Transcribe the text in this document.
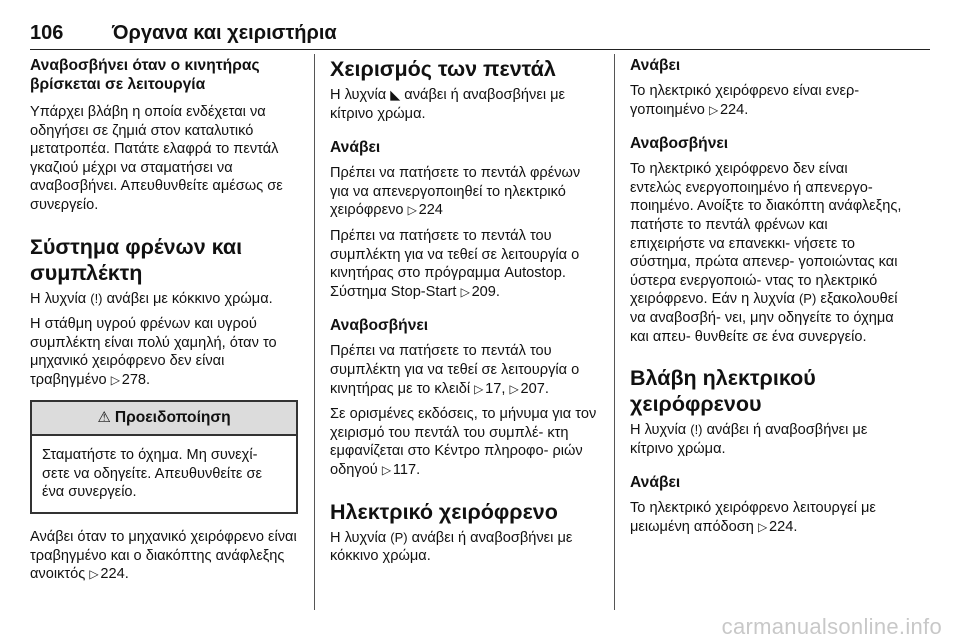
106 Όργανα και χειριστήρια
Αναβοσβήνει όταν ο κινητήρας βρίσκεται σε λειτουργία

Υπάρχει βλάβη η οποία ενδέχεται να οδηγήσει σε ζημιά στον καταλυτικό μετατροπέα. Πατάτε ελαφρά το πεντάλ γκαζιού μέχρι να σταματήσει να αναβοσβήνει. Απευθυνθείτε αμέσως σε συνεργείο.

Σύστημα φρένων και συμπλέκτη

Η λυχνία (!) ανάβει με κόκκινο χρώμα.

Η στάθμη υγρού φρένων και υγρού συμπλέκτη είναι πολύ χαμηλή, όταν το μηχανικό χειρόφρενο δεν είναι τραβηγμένο ▷ 278.

⚠ Προειδοποίηση
Σταματήστε το όχημα. Μη συνεχί- σετε να οδηγείτε. Απευθυνθείτε σε ένα συνεργείο.

Ανάβει όταν το μηχανικό χειρόφρενο είναι τραβηγμένο και ο διακόπτης ανάφλεξης ανοικτός ▷ 224.

Χειρισμός των πεντάλ

Η λυχνία ◣ ανάβει ή αναβοσβήνει με κίτρινο χρώμα.

Ανάβει

Πρέπει να πατήσετε το πεντάλ φρένων για να απενεργοποιηθεί το ηλεκτρικό χειρόφρενο ▷ 224

Πρέπει να πατήσετε το πεντάλ του συμπλέκτη για να τεθεί σε λειτουργία ο κινητήρας στο πρόγραμμα Autostop. Σύστημα Stop-Start ▷ 209.

Αναβοσβήνει

Πρέπει να πατήσετε το πεντάλ του συμπλέκτη για να τεθεί σε λειτουργία ο κινητήρας με το κλειδί ▷ 17, ▷ 207.

Σε ορισμένες εκδόσεις, το μήνυμα για τον χειρισμό του πεντάλ του συμπλέ- κτη εμφανίζεται στο Κέντρο πληροφο- ριών οδηγού ▷ 117.

Ηλεκτρικό χειρόφρενο

Η λυχνία (P) ανάβει ή αναβοσβήνει με κόκκινο χρώμα.

Ανάβει

Το ηλεκτρικό χειρόφρενο είναι ενερ- γοποιημένο ▷ 224.

Αναβοσβήνει

Το ηλεκτρικό χειρόφρενο δεν είναι εντελώς ενεργοποιημένο ή απενεργο- ποιημένο. Ανοίξτε το διακόπτη ανάφλεξης, πατήστε το πεντάλ φρένων και επιχειρήστε να επανεκκι- νήσετε το σύστημα, πρώτα απενερ- γοποιώντας και ύστερα ενεργοποιώ- ντας το ηλεκτρικό χειρόφρενο. Εάν η λυχνία (P) εξακολουθεί να αναβοσβή- νει, μην οδηγείτε το όχημα και απευ- θυνθείτε σε ένα συνεργείο.

Βλάβη ηλεκτρικού χειρόφρενου

Η λυχνία (!) ανάβει ή αναβοσβήνει με κίτρινο χρώμα.

Ανάβει

Το ηλεκτρικό χειρόφρενο λειτουργεί με μειωμένη απόδοση ▷ 224.

carmanualsonline.info
